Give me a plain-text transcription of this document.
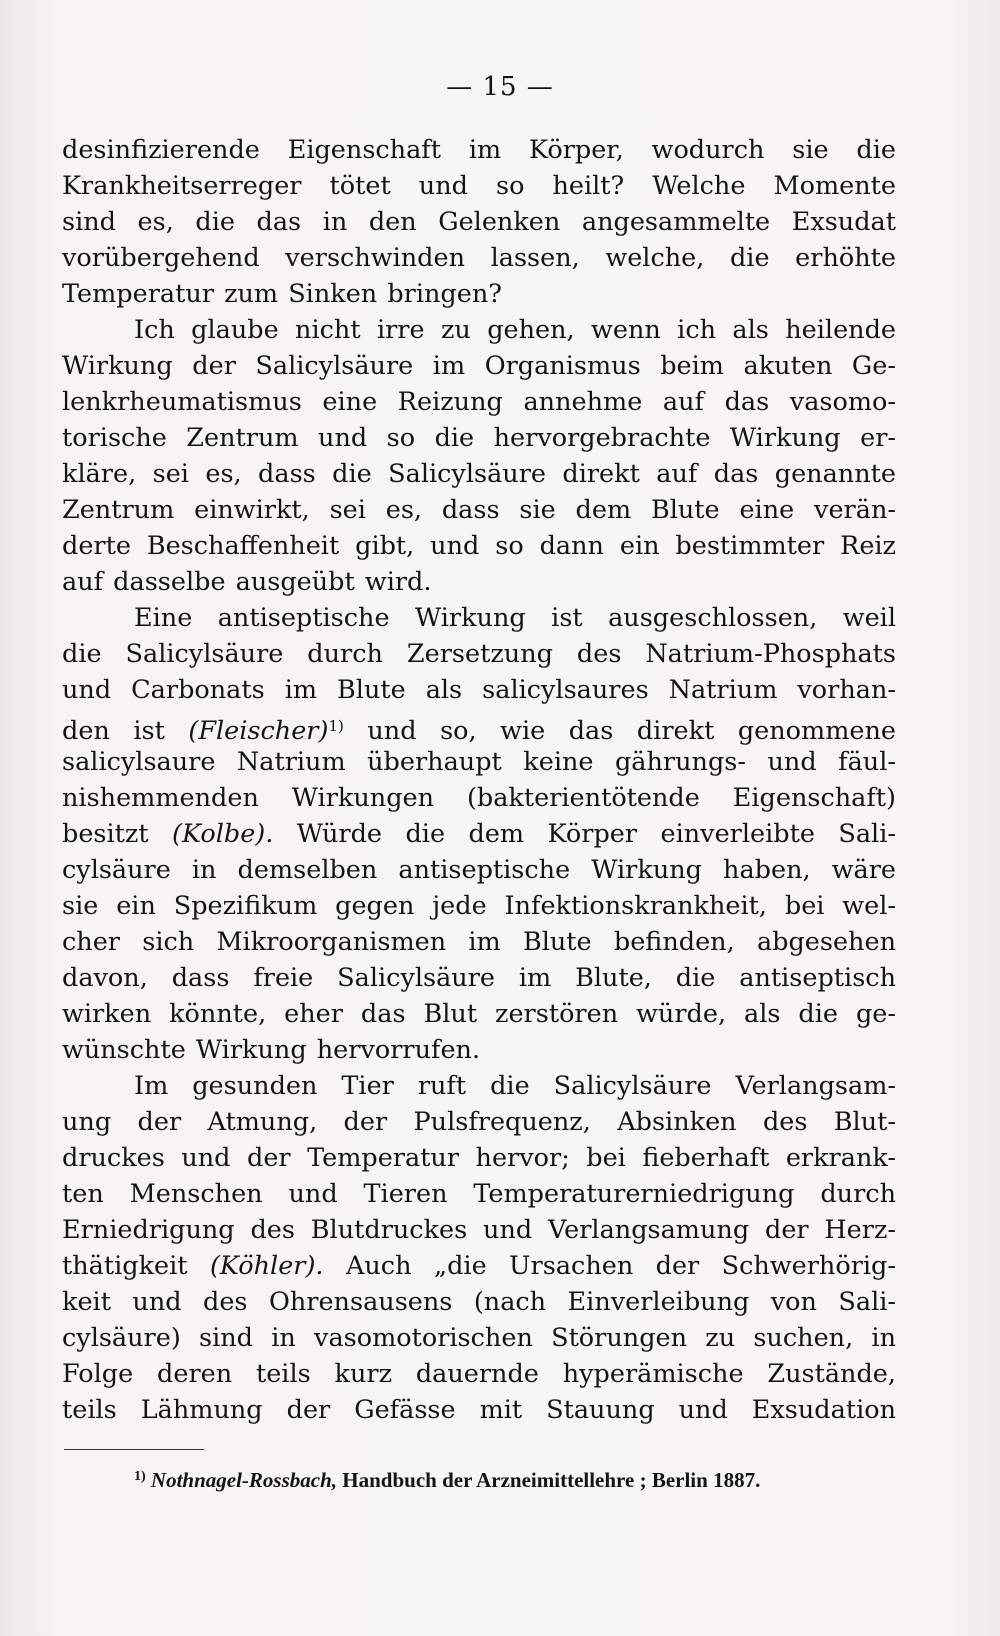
— 15 —
desinfizierende Eigenschaft im Körper, wodurch sie die
Krankheitserreger tötet und so heilt? Welche Momente
sind es, die das in den Gelenken angesammelte Exsudat
vorübergehend verschwinden lassen, welche, die erhöhte
Temperatur zum Sinken bringen?
Ich glaube nicht irre zu gehen, wenn ich als heilende
Wirkung der Salicylsäure im Organismus beim akuten Ge-
lenkrheumatismus eine Reizung annehme auf das vasomo-
torische Zentrum und so die hervorgebrachte Wirkung er-
kläre, sei es, dass die Salicylsäure direkt auf das genannte
Zentrum einwirkt, sei es, dass sie dem Blute eine verän-
derte Beschaffenheit gibt, und so dann ein bestimmter Reiz
auf dasselbe ausgeübt wird.
Eine antiseptische Wirkung ist ausgeschlossen, weil
die Salicylsäure durch Zersetzung des Natrium-Phosphats
und Carbonats im Blute als salicylsaures Natrium vorhan-
den ist (Fleischer)$^{1)}$ und so, wie das direkt genommene
salicylsaure Natrium überhaupt keine gährungs- und fäul-
nishemmenden Wirkungen (bakterientötende Eigenschaft)
besitzt (Kolbe). Würde die dem Körper einverleibte Sali-
cylsäure in demselben antiseptische Wirkung haben, wäre
sie ein Spezifikum gegen jede Infektionskrankheit, bei wel-
cher sich Mikroorganismen im Blute befinden, abgesehen
davon, dass freie Salicylsäure im Blute, die antiseptisch
wirken könnte, eher das Blut zerstören würde, als die ge-
wünschte Wirkung hervorrufen.
Im gesunden Tier ruft die Salicylsäure Verlangsam-
ung der Atmung, der Pulsfrequenz, Absinken des Blut-
druckes und der Temperatur hervor; bei fieberhaft erkrank-
ten Menschen und Tieren Temperaturerniedrigung durch
Erniedrigung des Blutdruckes und Verlangsamung der Herz-
thätigkeit (Köhler). Auch „die Ursachen der Schwerhörig-
keit und des Ohrensausens (nach Einverleibung von Sali-
cylsäure) sind in vasomotorischen Störungen zu suchen, in
Folge deren teils kurz dauernde hyperämische Zustände,
teils Lähmung der Gefässe mit Stauung und Exsudation
$^{1)}$ Nothnagel-Rossbach, Handbuch der Arzneimittellehre ; Berlin 1887.
